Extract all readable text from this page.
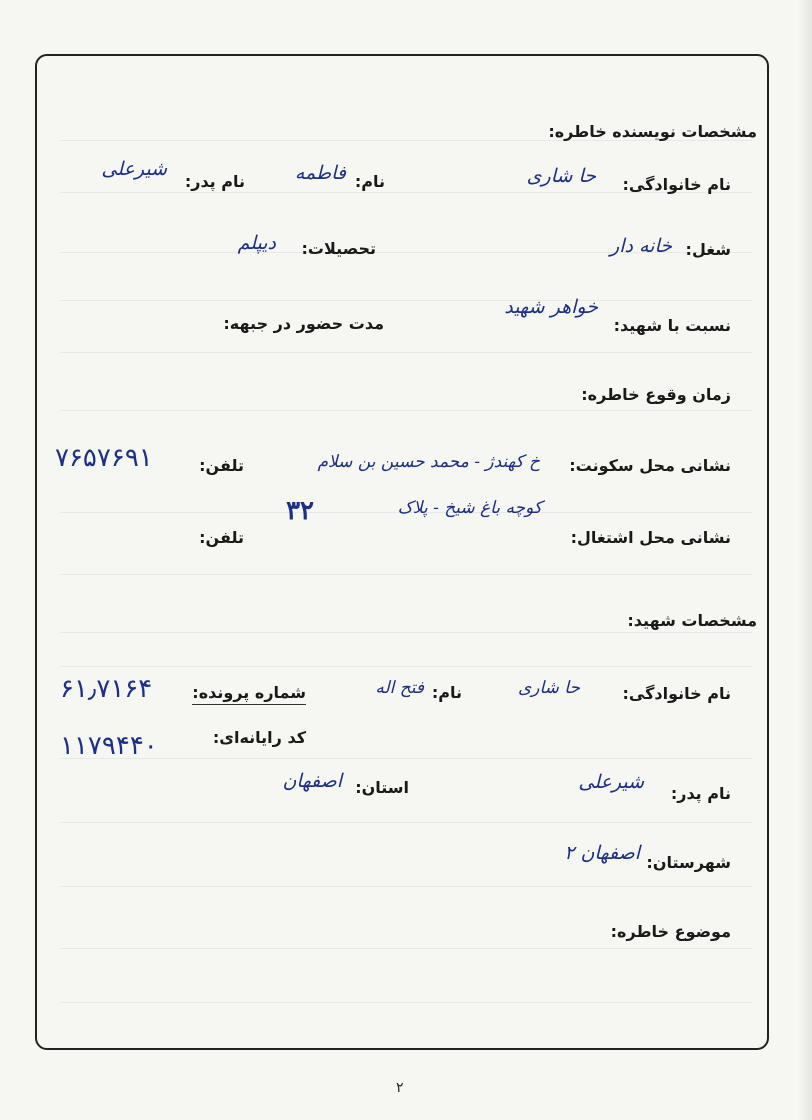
مشخصات نویسنده خاطره:
نام خانوادگی:
حا شاری
نام:
فاطمه
نام پدر:
شیرعلی
شغل:
خانه دار
تحصیلات:
دیپلم
نسبت با شهید:
خواهر شهید
مدت حضور در جبهه:
زمان وقوع خاطره:
نشانی محل سکونت:
خ کهندژ - محمد حسین بن سلام
کوچه باغ شیخ - پلاک
۳۲
تلفن:
۷۶۵۷۶۹۱
نشانی محل اشتغال:
تلفن:
مشخصات شهید:
نام خانوادگی:
حا شاری
نام:
فتح اله
شماره پرونده:
۶۱٫۷۱۶۴
کد رایانه‌ای:
۱۱۷۹۴۴۰
نام پدر:
شیرعلی
استان:
اصفهان
شهرستان:
اصفهان ۲
موضوع خاطره:
۲
